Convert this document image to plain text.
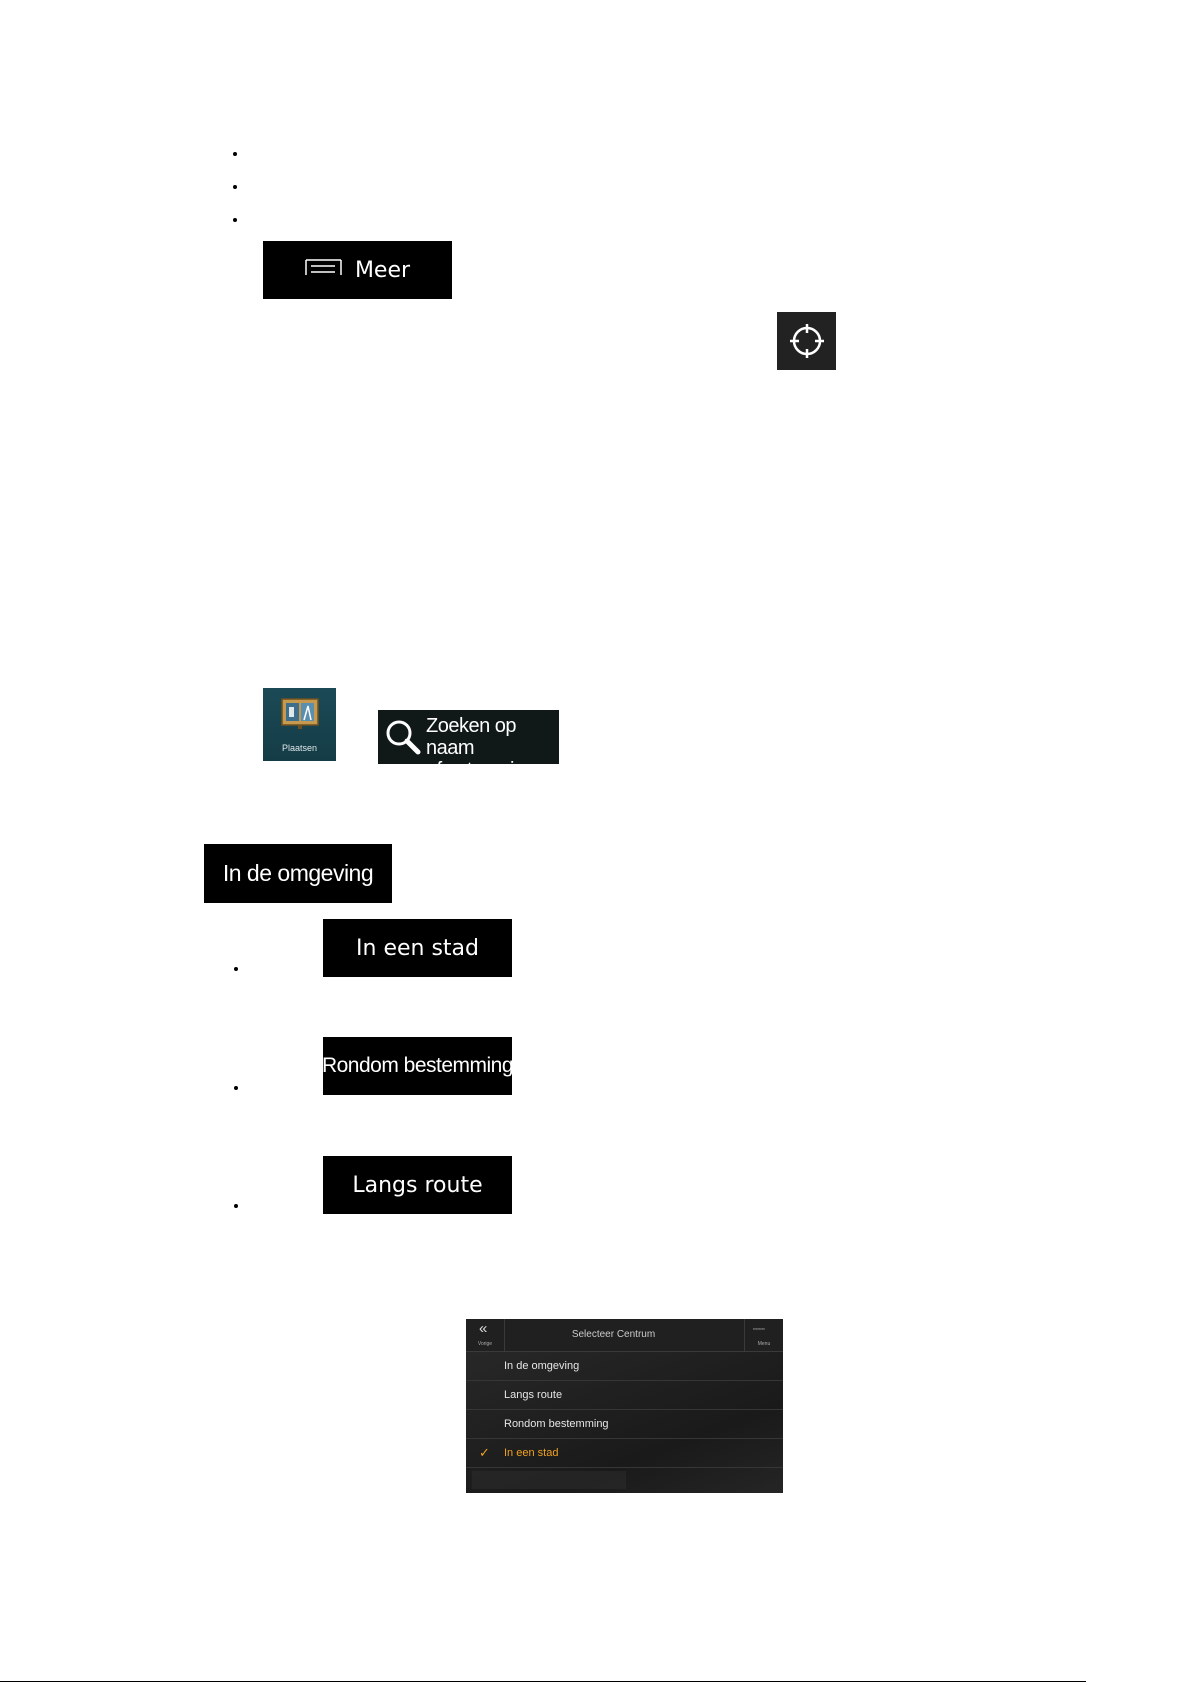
Meer
Plaatsen
Zoeken op naam
of categorie
In de omgeving
In een stad
Rondom bestemming
Langs route
«
Vorige
Selecteer Centrum	▫▫▫▫
Menu
In de omgeving
Langs route
Rondom bestemming
✓ In een stad
